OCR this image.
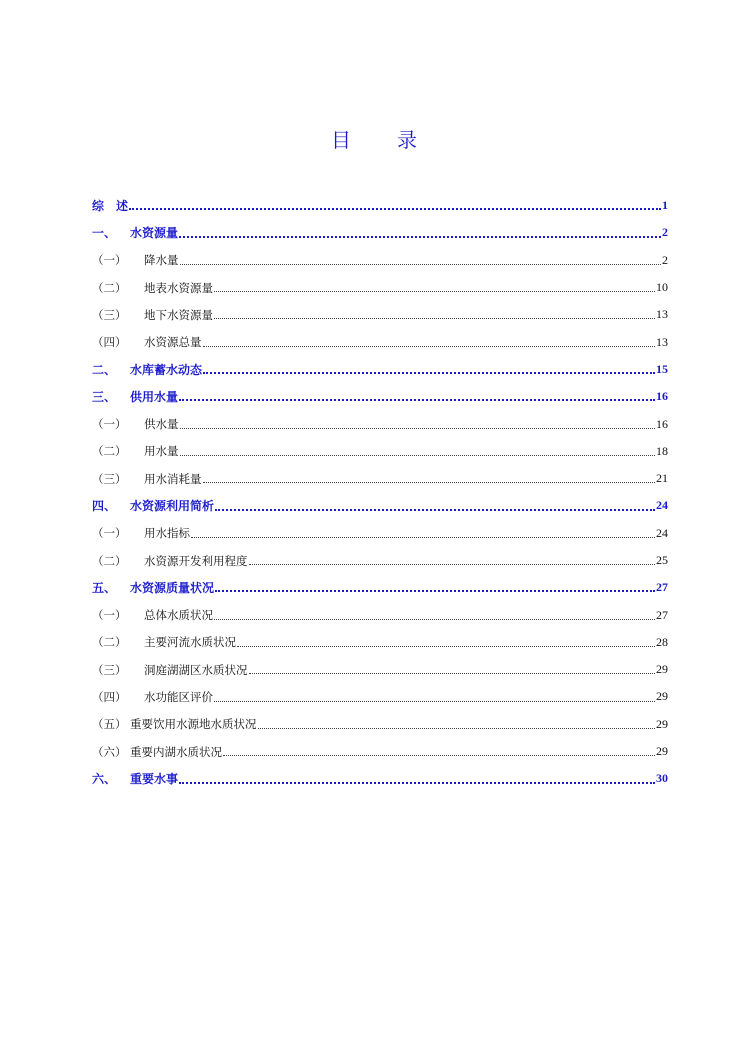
目 录
综　述	1
一、	水资源量	2
（一）	降水量	2
（二）	地表水资源量	10
（三）	地下水资源量	13
（四）	水资源总量	13
二、	水库蓄水动态	15
三、	供用水量	16
（一）	供水量	16
（二）	用水量	18
（三）	用水消耗量	21
四、	水资源利用简析	24
（一）	用水指标	24
（二）	水资源开发利用程度	25
五、	水资源质量状况	27
（一）	总体水质状况	27
（二）	主要河流水质状况	28
（三）	洞庭湖湖区水质状况	29
（四）	水功能区评价	29
（五） 重要饮用水源地水质状况	29
（六） 重要内湖水质状况	29
六、	重要水事	30
